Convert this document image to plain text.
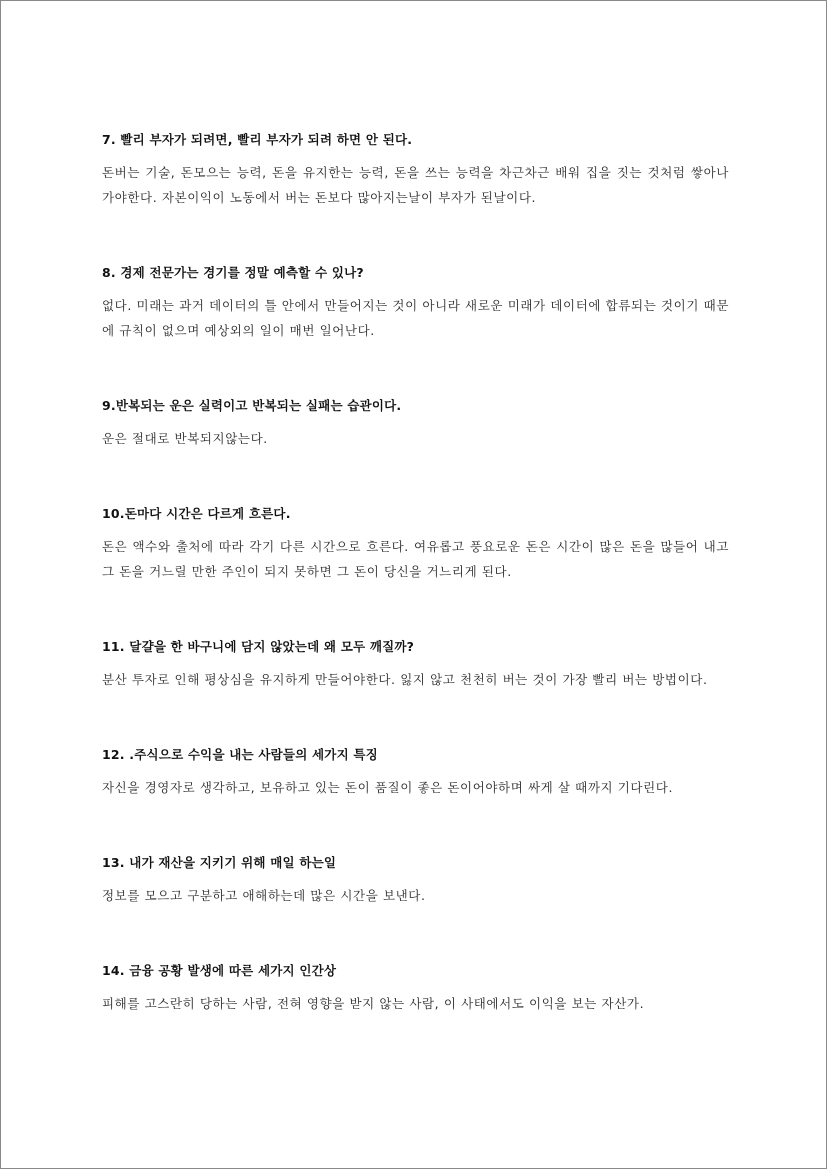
7. 빨리 부자가 되려면, 빨리 부자가 되려 하면 안 된다.

돈버는 기술, 돈모으는 능력, 돈을 유지한는 능력, 돈을 쓰는 능력을 차근차근 배워 집을 짓는 것처럼 쌓아나가야한다. 자본이익이 노동에서 버는 돈보다 많아지는날이 부자가 된날이다.

8. 경제 전문가는 경기를 정말 예측할 수 있나?

없다. 미래는 과거 데이터의 틀 안에서 만들어지는 것이 아니라 새로운 미래가 데이터에 합류되는 것이기 때문에 규칙이 없으며 예상외의 일이 매번 일어난다.

9.반복되는 운은 실력이고 반복되는 실패는 습관이다.

운은 절대로 반복되지않는다.

10.돈마다 시간은 다르게 흐른다.

돈은 액수와 출처에 따라 각기 다른 시간으로 흐른다. 여유롭고 풍요로운 돈은 시간이 많은 돈을 많들어 내고 그 돈을 거느릴 만한 주인이 되지 못하면 그 돈이 당신을 거느리게 된다.

11. 달걀을 한 바구니에 담지 않았는데 왜 모두 깨질까?

분산 투자로 인해 평상심을 유지하게 만들어야한다. 잃지 않고 천천히 버는 것이 가장 빨리 버는 방법이다.

12. .주식으로 수익을 내는 사람들의 세가지 특징

자신을 경영자로 생각하고, 보유하고 있는 돈이 품질이 좋은 돈이어야하며 싸게 살 때까지 기다린다.

13. 내가 재산을 지키기 위해 매일 하는일

정보를 모으고 구분하고 애해하는데 많은 시간을 보낸다.

14. 금융 공황 발생에 따른 세가지 인간상

피해를 고스란히 당하는 사람, 전혀 영향을 받지 않는 사람, 이 사태에서도 이익을 보는 자산가.
